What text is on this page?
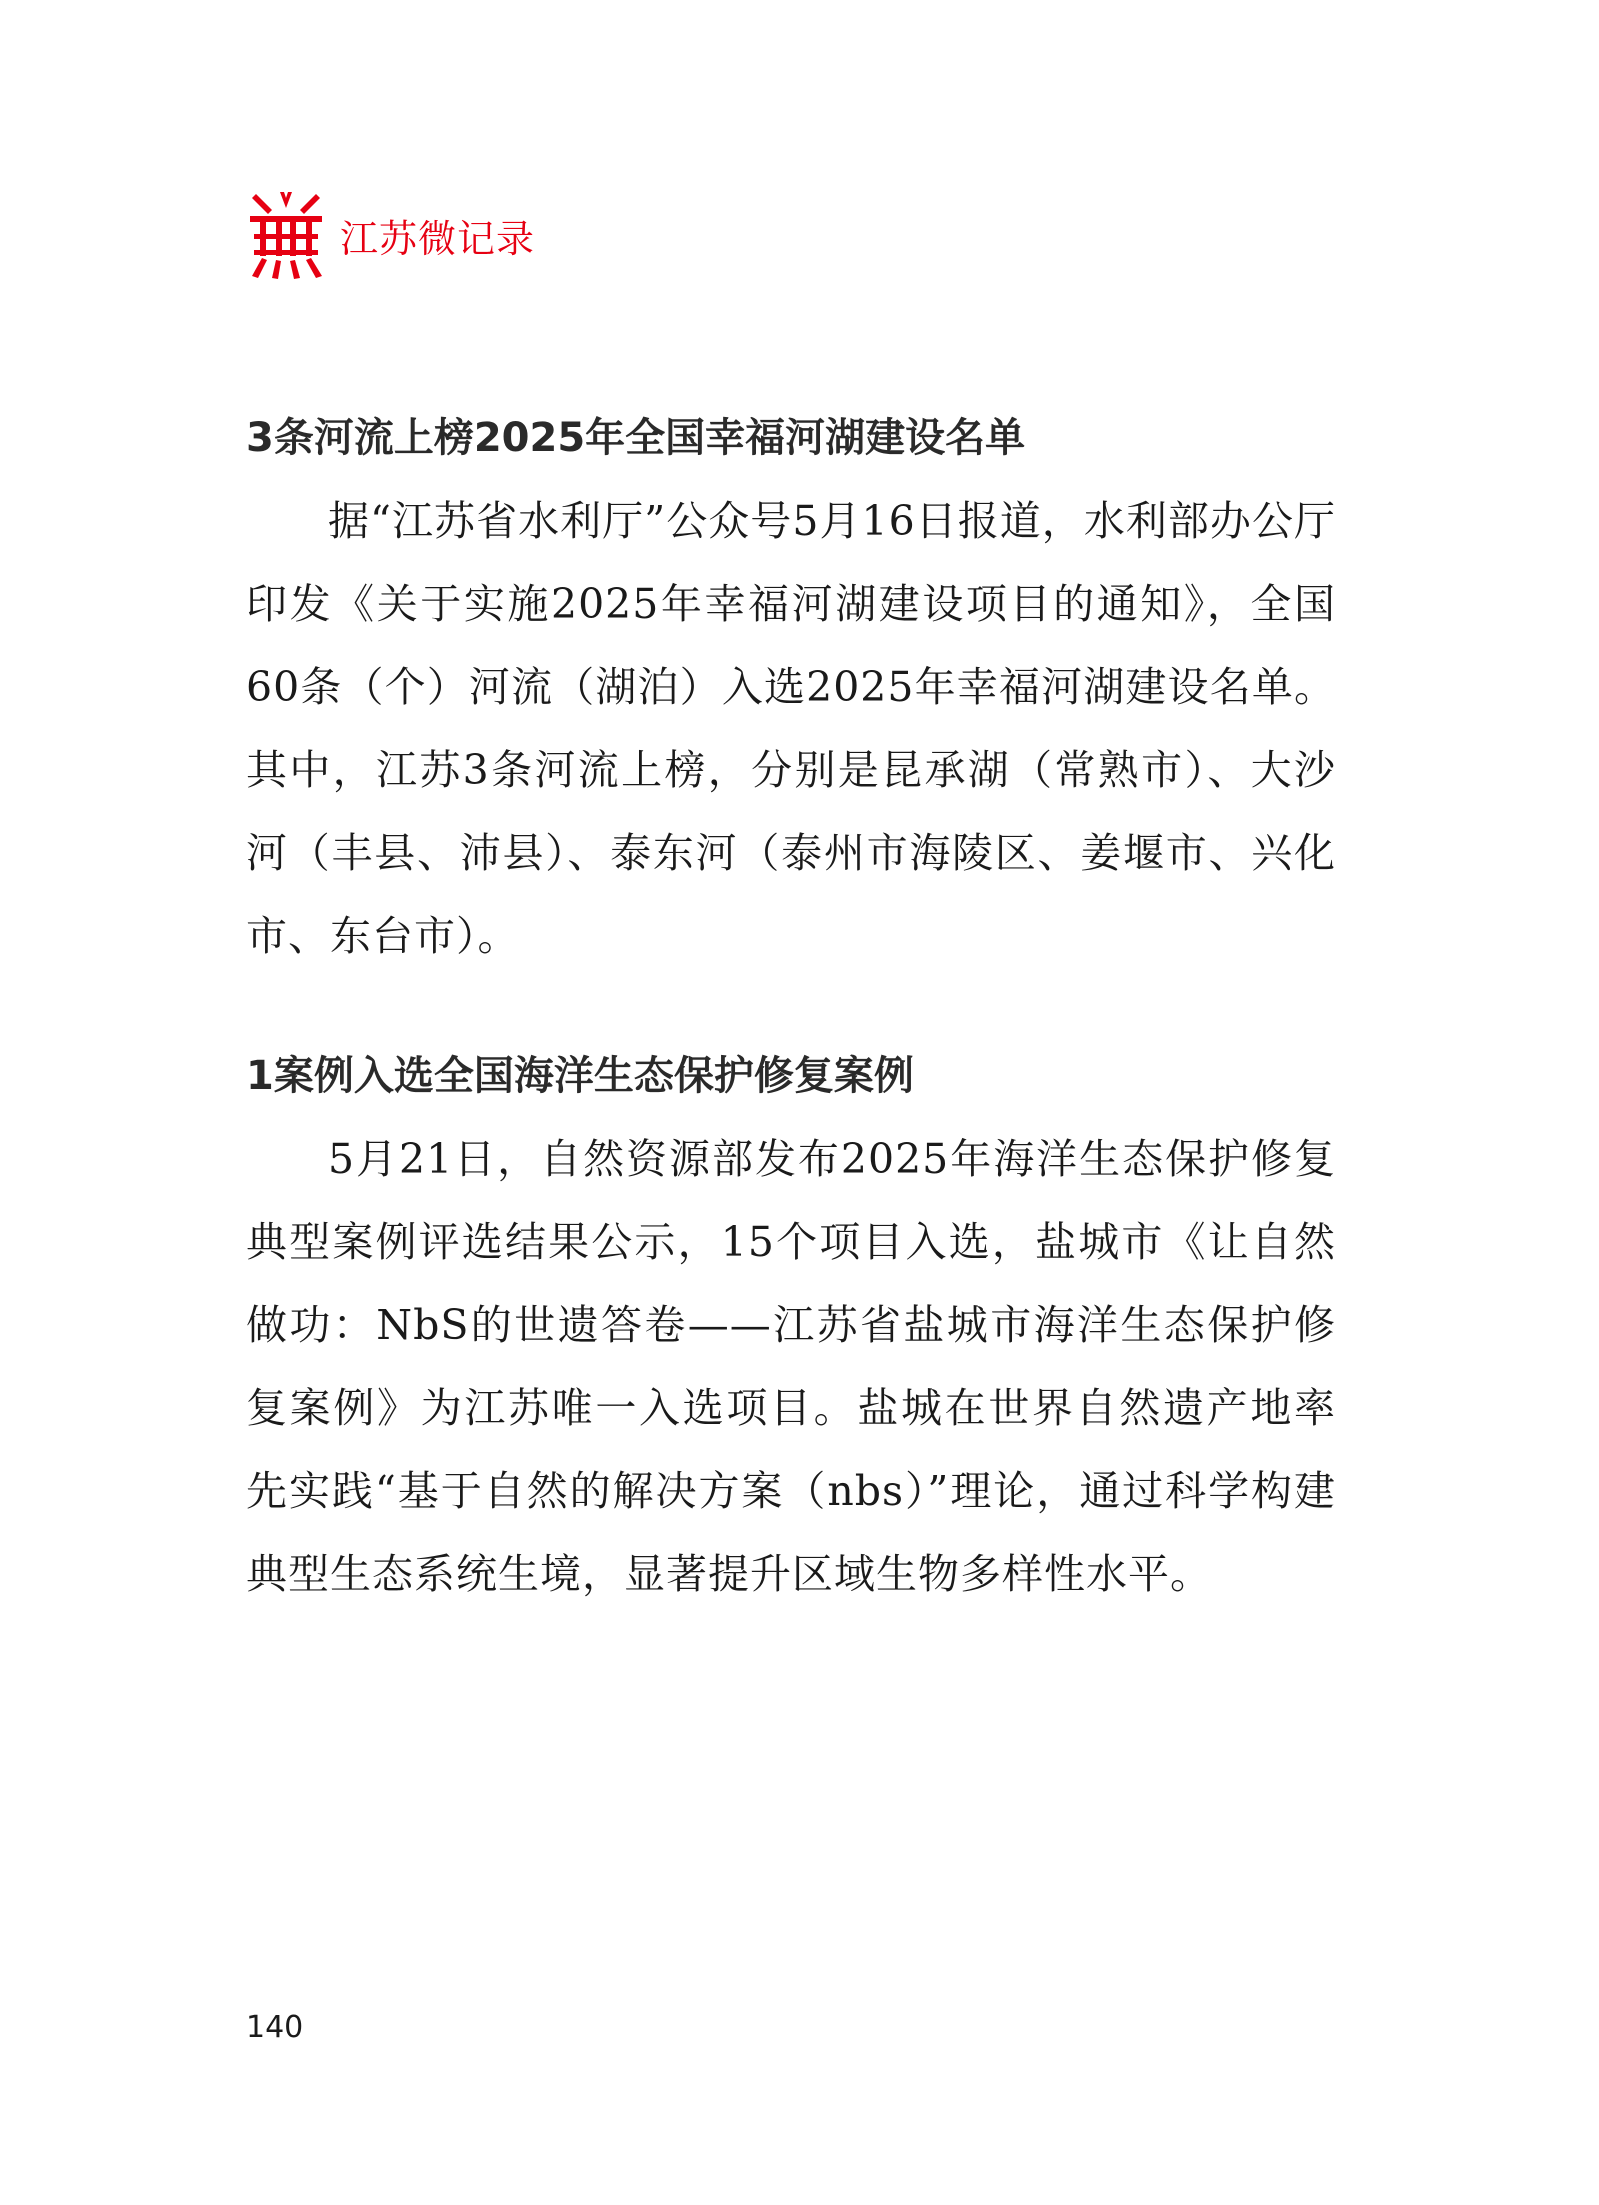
江苏微记录
3条河流上榜2025年全国幸福河湖建设名单

据“江苏省水利厅”公众号5月16日报道，水利部办公厅印发《关于实施2025年幸福河湖建设项目的通知》，全国60条（个）河流（湖泊）入选2025年幸福河湖建设名单。其中，江苏3条河流上榜，分别是昆承湖（常熟市）、大沙河（丰县、沛县）、泰东河（泰州市海陵区、姜堰市、兴化市、东台市）。

1案例入选全国海洋生态保护修复案例

5月21日，自然资源部发布2025年海洋生态保护修复典型案例评选结果公示，15个项目入选，盐城市《让自然做功：NbS的世遗答卷——江苏省盐城市海洋生态保护修复案例》为江苏唯一入选项目。盐城在世界自然遗产地率先实践“基于自然的解决方案（nbs）”理论，通过科学构建典型生态系统生境，显著提升区域生物多样性水平。

140
